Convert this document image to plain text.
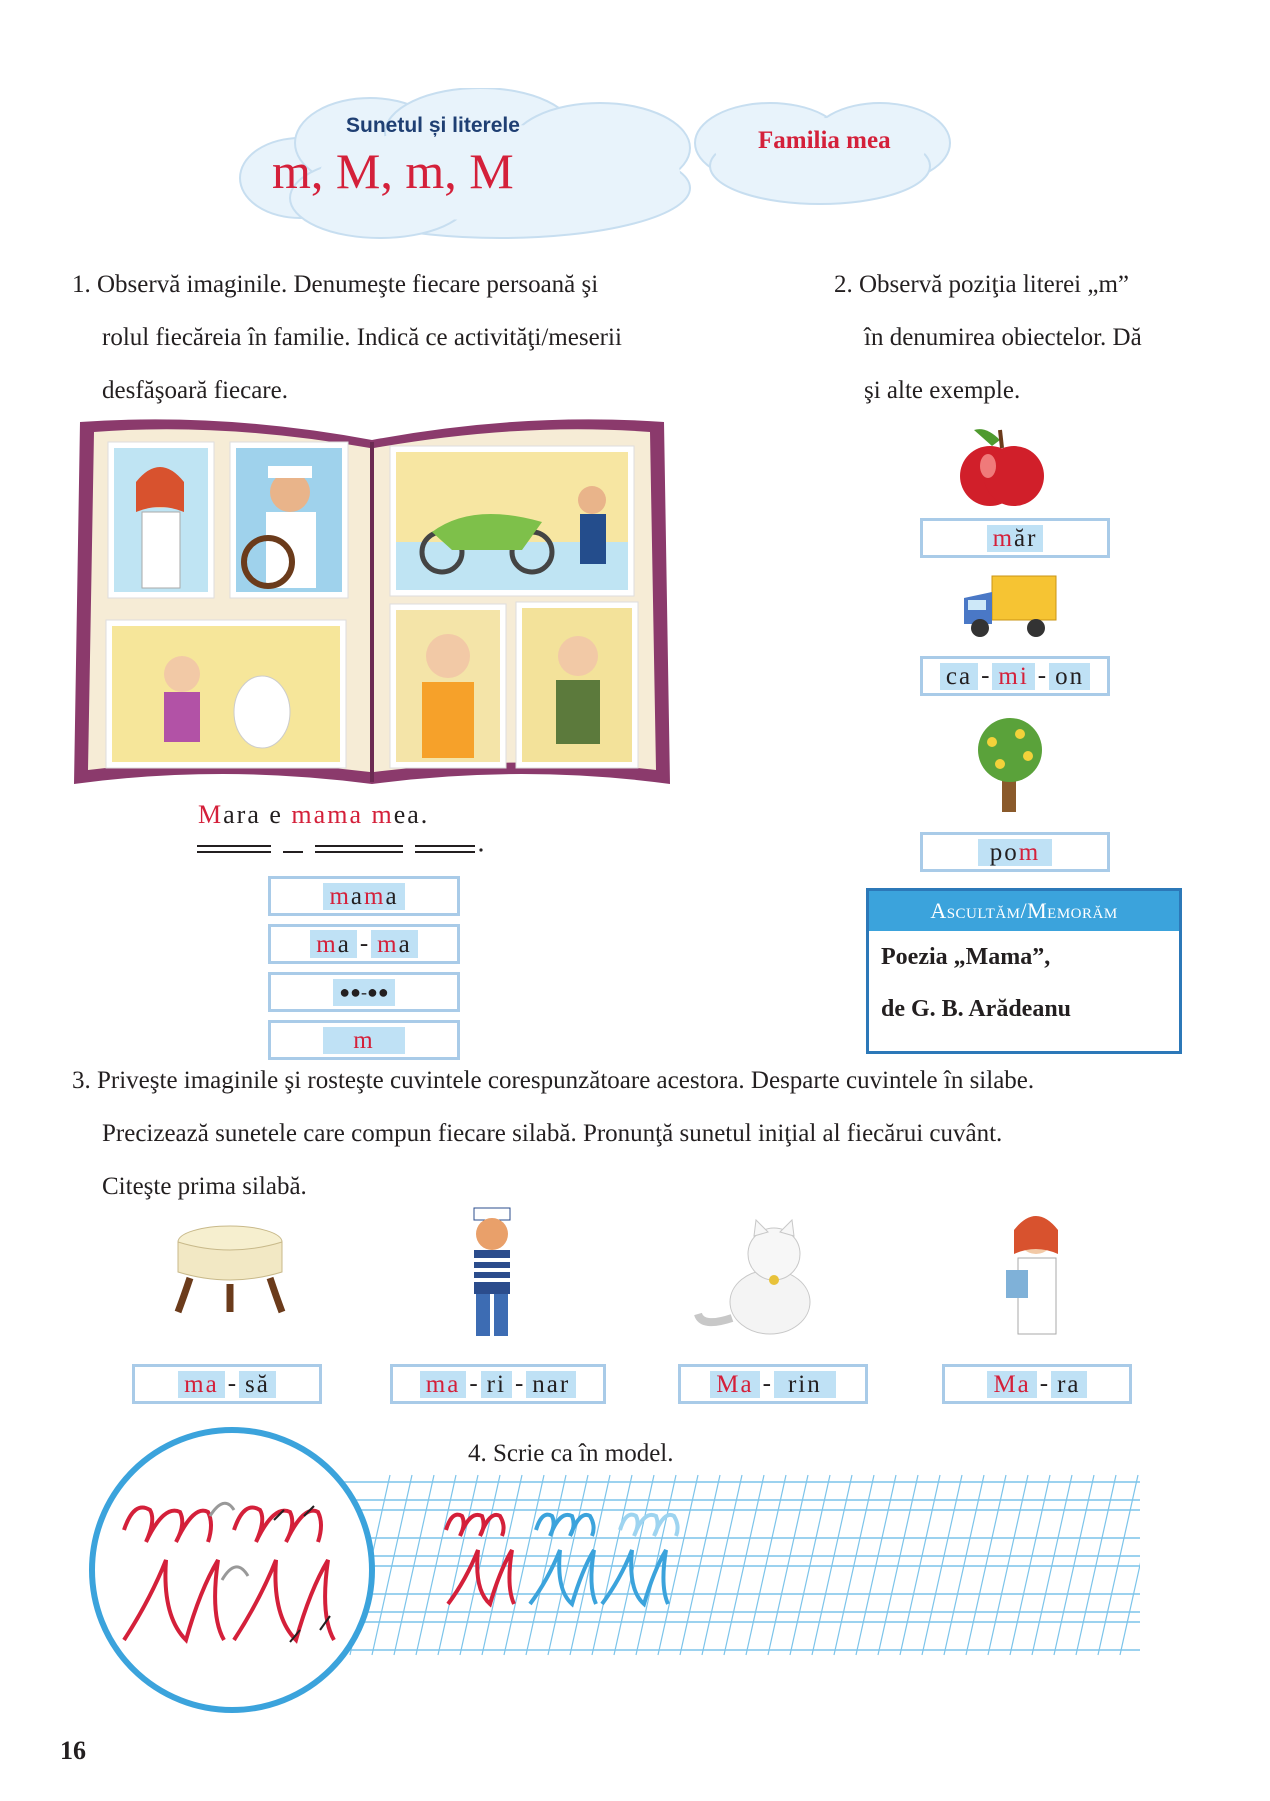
Sunetul și literele
m, M, m, M
Familia mea

1. Observă imaginile. Denumeşte fiecare persoană şi

rolul fiecăreia în familie. Indică ce activităţi/meserii

desfăşoară fiecare.

Mara e mama mea.
m a m a
m a - m a
●●-●●
m

2. Observă poziţia literei „m”

în denumirea obiectelor. Dă

şi alte exemple.

m ăr
ca - mi - on
po m
Ascultăm/Memorăm
Poezia „Mama”,
de G. B. Arădeanu

3. Priveşte imaginile şi rosteşte cuvintele corespunzătoare acestora. Desparte cuvintele în silabe.

Precizează sunetele care compun fiecare silabă. Pronunţă sunetul iniţial al fiecărui cuvânt.

Citeşte prima silabă.

ma - să	ma - ri - nar	Ma - rin	Ma - ra
4. Scrie ca în model.
16
